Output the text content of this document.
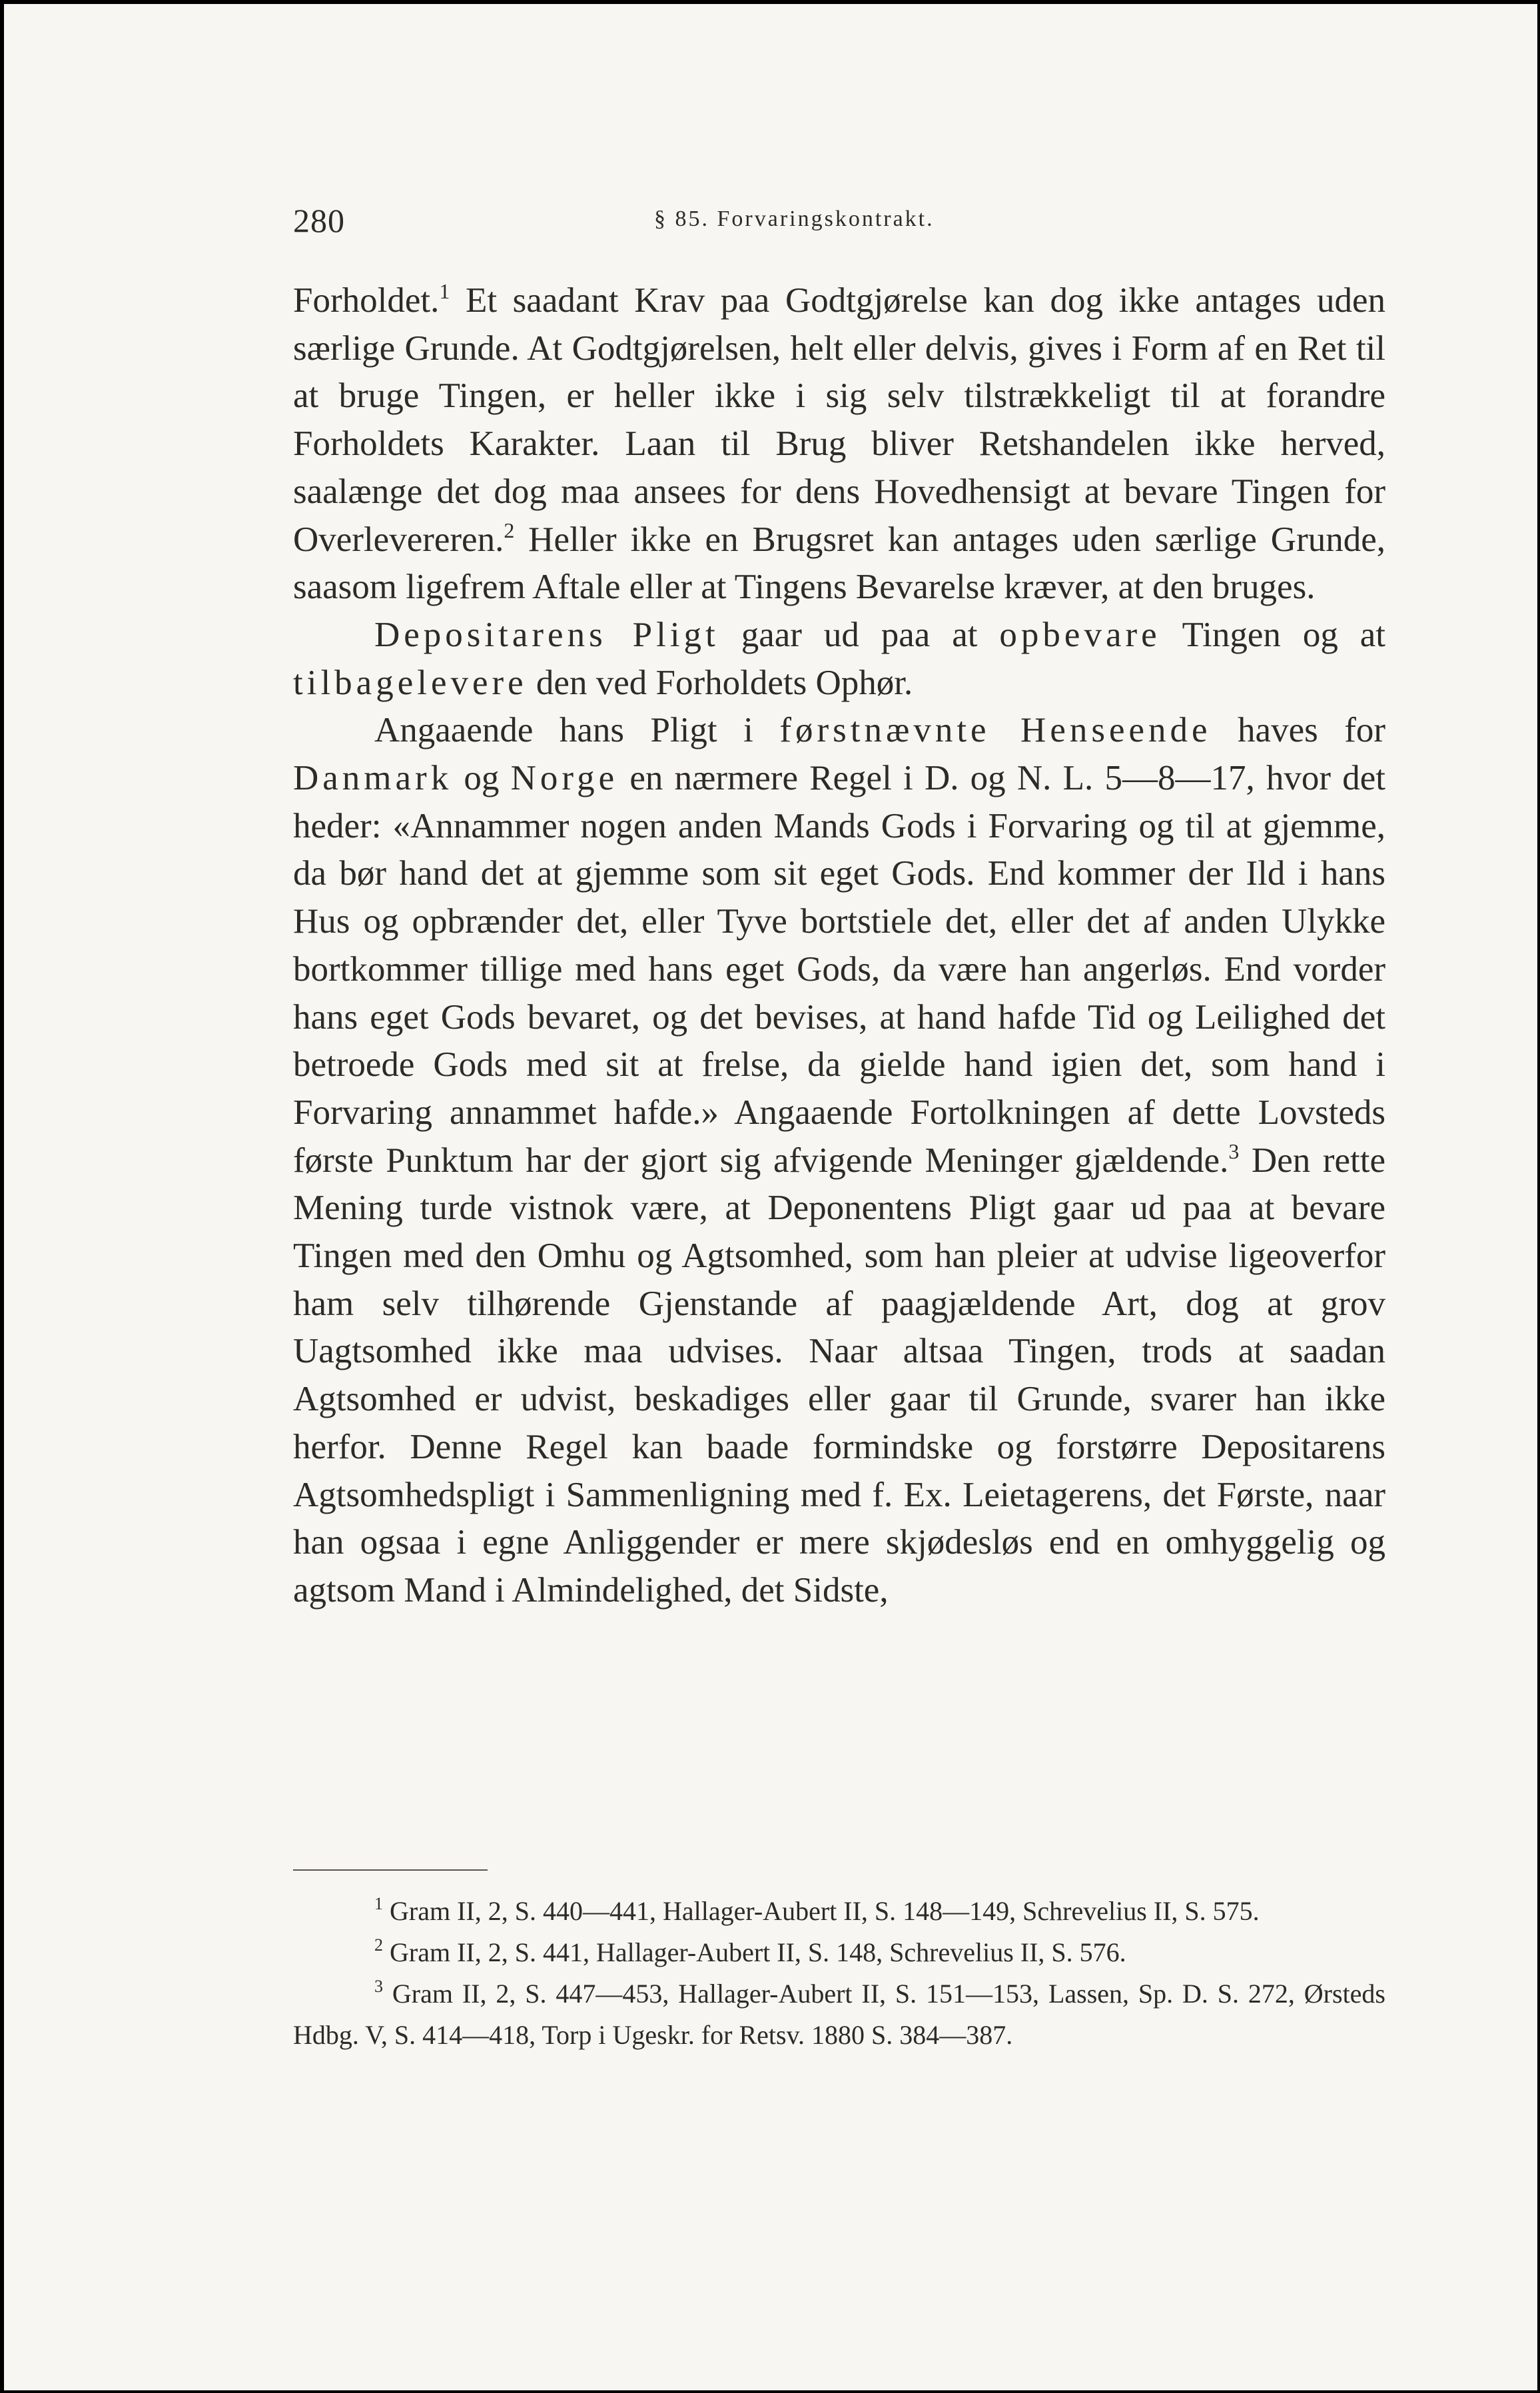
280	§ 85. Forvaringskontrakt.

Forholdet.$^1$ Et saadant Krav paa Godtgjørelse kan dog ikke antages uden særlige Grunde. At Godtgjørelsen, helt eller delvis, gives i Form af en Ret til at bruge Tingen, er heller ikke i sig selv tilstrækkeligt til at forandre Forholdets Karakter. Laan til Brug bliver Retshandelen ikke herved, saalænge det dog maa ansees for dens Hovedhensigt at bevare Tingen for Overlevereren.$^2$ Heller ikke en Brugsret kan antages uden særlige Grunde, saasom ligefrem Aftale eller at Tingens Bevarelse kræver, at den bruges.

Depositarens Pligt gaar ud paa at opbevare Tingen og at tilbagelevere den ved Forholdets Ophør.

Angaaende hans Pligt i førstnævnte Henseende haves for Danmark og Norge en nærmere Regel i D. og N. L. 5—8—17, hvor det heder: «Annammer nogen anden Mands Gods i Forvaring og til at gjemme, da bør hand det at gjemme som sit eget Gods. End kommer der Ild i hans Hus og opbrænder det, eller Tyve bortstiele det, eller det af anden Ulykke bortkommer tillige med hans eget Gods, da være han angerløs. End vorder hans eget Gods bevaret, og det bevises, at hand hafde Tid og Leilighed det betroede Gods med sit at frelse, da gielde hand igien det, som hand i Forvaring annammet hafde.» Angaaende Fortolkningen af dette Lovsteds første Punktum har der gjort sig afvigende Meninger gjældende.$^3$ Den rette Mening turde vistnok være, at Deponentens Pligt gaar ud paa at bevare Tingen med den Omhu og Agtsomhed, som han pleier at udvise ligeoverfor ham selv tilhørende Gjenstande af paagjældende Art, dog at grov Uagtsomhed ikke maa udvises. Naar altsaa Tingen, trods at saadan Agtsomhed er udvist, beskadiges eller gaar til Grunde, svarer han ikke herfor. Denne Regel kan baade formindske og forstørre Depositarens Agtsomhedspligt i Sammenligning med f. Ex. Leietagerens, det Første, naar han ogsaa i egne Anliggender er mere skjødesløs end en omhyggelig og agtsom Mand i Almindelighed, det Sidste,

$^1$ Gram II, 2, S. 440—441, Hallager-Aubert II, S. 148—149, Schrevelius II, S. 575.

$^2$ Gram II, 2, S. 441, Hallager-Aubert II, S. 148, Schrevelius II, S. 576.

$^3$ Gram II, 2, S. 447—453, Hallager-Aubert II, S. 151—153, Lassen, Sp. D. S. 272, Ørsteds Hdbg. V, S. 414—418, Torp i Ugeskr. for Retsv. 1880 S. 384—387.
